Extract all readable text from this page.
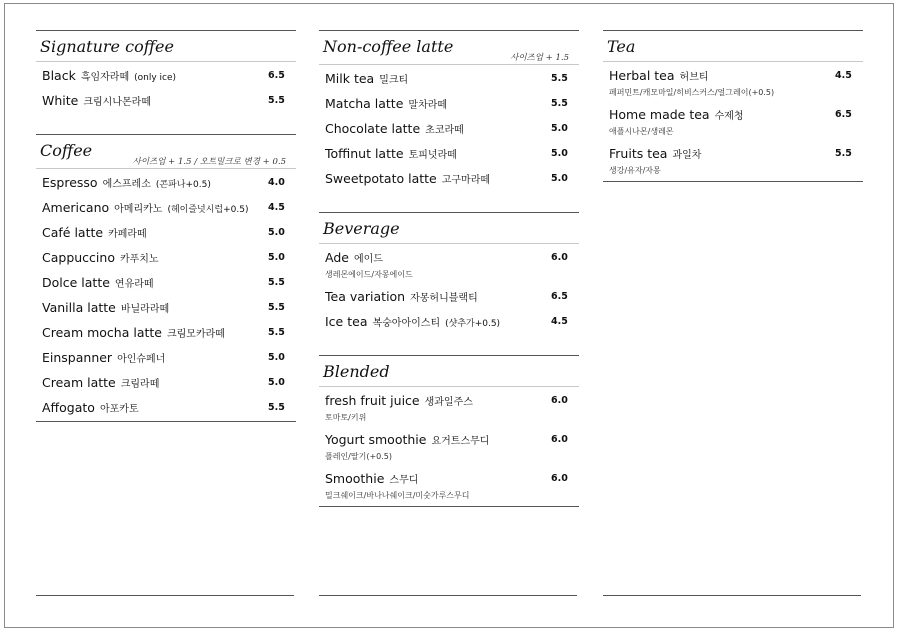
Signature coffee
Black 흑임자라떼 (only ice)	6.5
White 크림시나몬라떼	5.5
Coffee
사이즈업 + 1.5 / 오트밀크로 변경 + 0.5
Espresso 에스프레소 (콘파나+0.5)	4.0
Americano 아메리카노 (헤이즐넛시럽+0.5) 4.5
Café latte 카페라떼	5.0
Cappuccino 카푸치노	5.0
Dolce latte 연유라떼	5.5
Vanilla latte 바닐라라떼	5.5
Cream mocha latte 크림모카라떼	5.5
Einspanner 아인슈페너	5.0
Cream latte 크림라떼	5.0
Affogato 아포카토	5.5
Non-coffee latte
사이즈업 + 1.5
Milk tea 밀크티	5.5
Matcha latte 말차라떼	5.5
Chocolate latte 초코라떼	5.0
Toffinut latte 토피넛라떼	5.0
Sweetpotato latte 고구마라떼	5.0
Beverage
Ade 에이드	6.0
생레몬에이드/자몽에이드
Tea variation 자몽허니블랙티	6.5
Ice tea 복숭아아이스티 (샷추가+0.5)	4.5
Blended
fresh fruit juice 생과일주스	6.0
토마토/키위
Yogurt smoothie 요거트스무디	6.0
플레인/딸기(+0.5)
Smoothie 스무디	6.0
밀크쉐이크/바나나쉐이크/미숫가루스무디
Tea
Herbal tea 허브티	4.5
페퍼민트/캐모마일/히비스커스/얼그레이(+0.5)
Home made tea 수제청	6.5
애플시나몬/생레몬
Fruits tea 과일차	5.5
생강/유자/자몽
